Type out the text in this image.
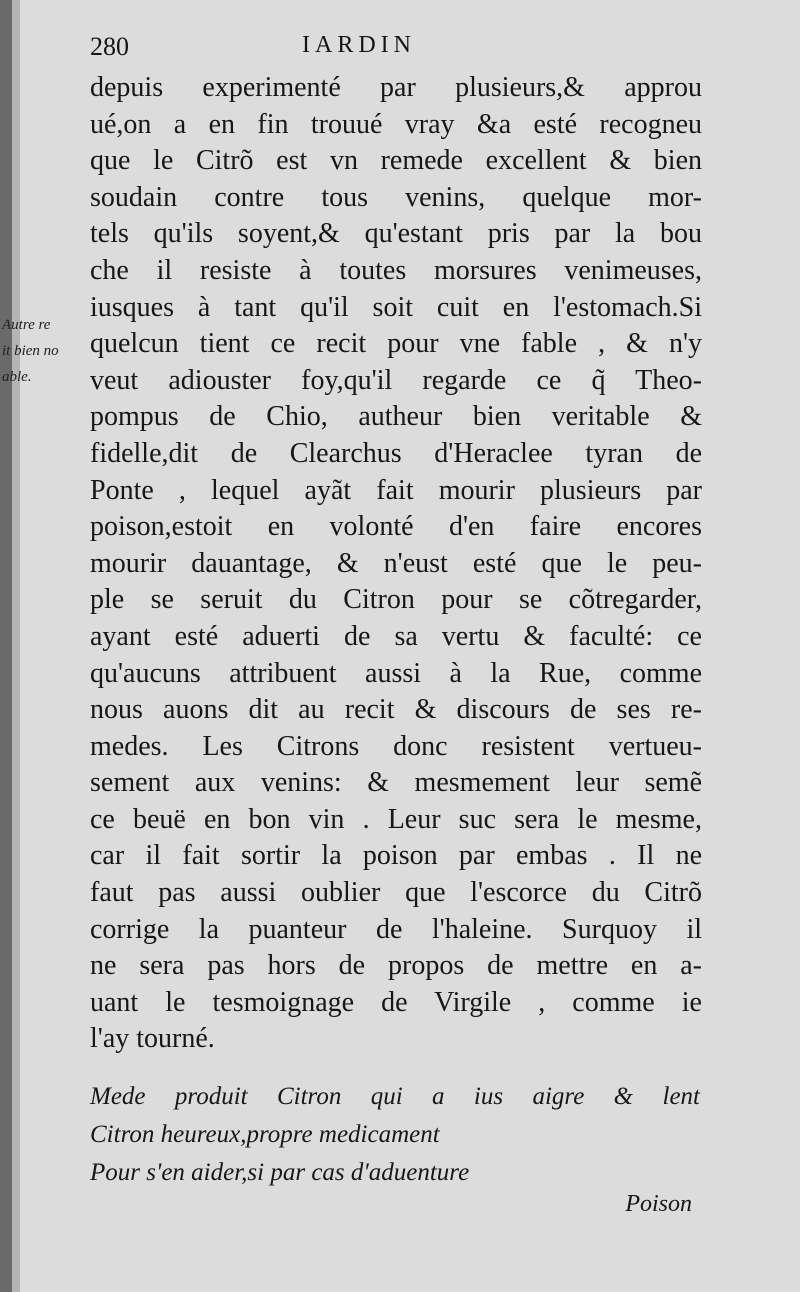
280	IARDIN
depuis experimenté par plusieurs,& approu
ué,on a en fin trouué vray &a esté recogneu
que le Citrõ est vn remede excellent & bien
soudain contre tous venins, quelque mor-
tels qu'ils soyent,& qu'estant pris par la bou
che il resiste à toutes morsures venimeuses,
iusques à tant qu'il soit cuit en l'estomach.Si
quelcun tient ce recit pour vne fable , & n'y
veut adiouster foy,qu'il regarde ce q̃ Theo-
pompus de Chio, autheur bien veritable &
fidelle,dit de Clearchus d'Heraclee tyran de
Ponte , lequel ayãt fait mourir plusieurs par
poison,estoit en volonté d'en faire encores
mourir dauantage, & n'eust esté que le peu-
ple se seruit du Citron pour se cõtregarder,
ayant esté aduerti de sa vertu & faculté: ce
qu'aucuns attribuent aussi à la Rue, comme
nous auons dit au recit & discours de ses re-
medes. Les Citrons donc resistent vertueu-
sement aux venins: & mesmement leur semẽ
ce beuë en bon vin . Leur suc sera le mesme,
car il fait sortir la poison par embas . Il ne
faut pas aussi oublier que l'escorce du Citrõ
corrige la puanteur de l'haleine. Surquoy il
ne sera pas hors de propos de mettre en a-
uant le tesmoignage de Virgile , comme ie
l'ay tourné.
Autre re
it bien no
able.
Mede produit Citron qui a ius aigre & lent
Citron heureux,propre medicament
Pour s'en aider,si par cas d'aduenture
Poison
